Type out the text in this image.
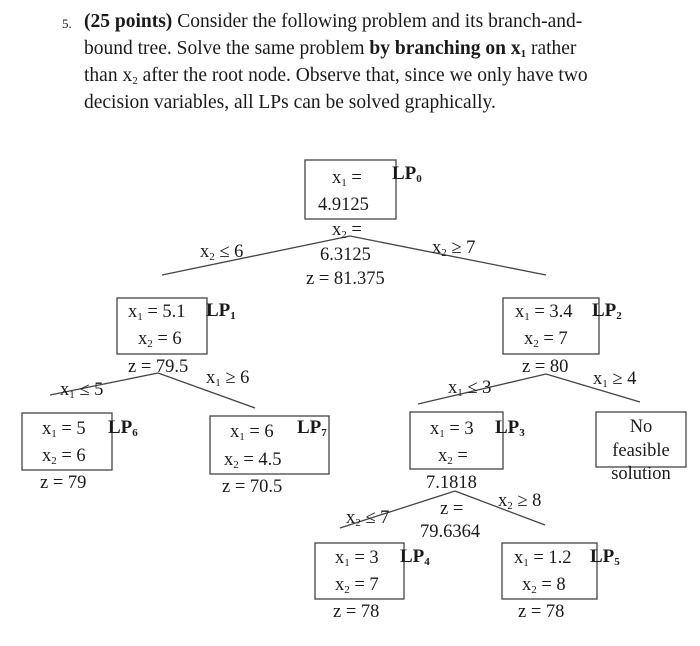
5. (25 points) Consider the following problem and its branch-and-
bound tree. Solve the same problem by branching on $x_1$ rather
than $x_2$ after the root node. Observe that, since we only have two
decision variables, all LPs can be solved graphically.
$x_1 = LP_0$
4.9125
$x_2$ =
6.3125
z = 81.375
$x_2 \le 6$	$x_2 \ge 7$
$x_1 = 5.1$ $LP_1$
$x_2 = 6$
z = 79.5
$x_1 = 3.4$ $LP_2$
$x_2 = 7$
z = 80
$x_1 \le 5$
$x_1 \ge 6$	$x_1 \le 3$	$x_1 \ge 4$
$x_1 = 5$ $LP_6$
$x_2 = 6$
z = 79
$x_1 = 6$ $LP_7$
$x_2 = 4.5$
z = 70.5
$x_1 = 3$ $LP_3$
$x_2$ =
7.1818
z =
79.6364
No
feasible
solution
$x_2 \le 7$
$x_2 \ge 8$
$x_1 = 3$ $LP_4$
$x_2 = 7$
z = 78
$x_1 = 1.2$ $LP_5$
$x_2 = 8$
z = 78
